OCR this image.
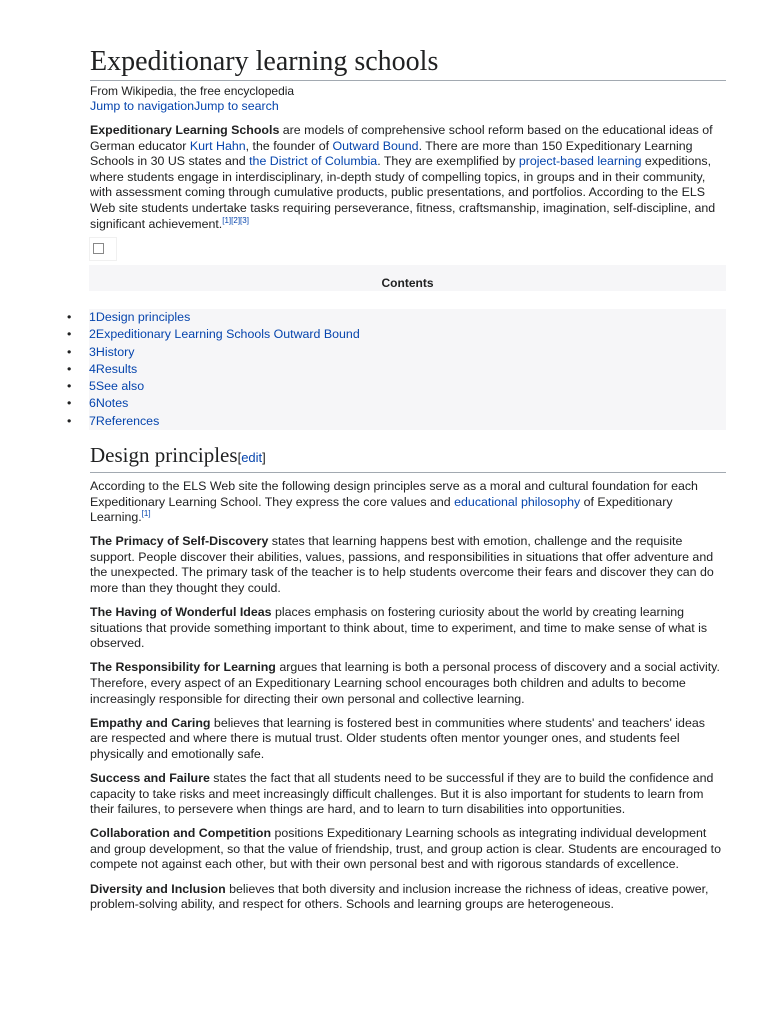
Expeditionary learning schools
From Wikipedia, the free encyclopedia
Jump to navigationJump to search

Expeditionary Learning Schools are models of comprehensive school reform based on the educational ideas of German educator Kurt Hahn, the founder of Outward Bound. There are more than 150 Expeditionary Learning Schools in 30 US states and the District of Columbia. They are exemplified by project-based learning expeditions, where students engage in interdisciplinary, in-depth study of compelling topics, in groups and in their community, with assessment coming through cumulative products, public presentations, and portfolios. According to the ELS Web site students undertake tasks requiring perseverance, fitness, craftsmanship, imagination, self-discipline, and significant achievement.[1][2][3]

Contents
• 1Design principles
• 2Expeditionary Learning Schools Outward Bound
• 3History
• 4Results
• 5See also
• 6Notes
• 7References
Design principles[edit]

According to the ELS Web site the following design principles serve as a moral and cultural foundation for each Expeditionary Learning School. They express the core values and educational philosophy of Expeditionary Learning.[1]

The Primacy of Self-Discovery states that learning happens best with emotion, challenge and the requisite support. People discover their abilities, values, passions, and responsibilities in situations that offer adventure and the unexpected. The primary task of the teacher is to help students overcome their fears and discover they can do more than they thought they could.

The Having of Wonderful Ideas places emphasis on fostering curiosity about the world by creating learning situations that provide something important to think about, time to experiment, and time to make sense of what is observed.

The Responsibility for Learning argues that learning is both a personal process of discovery and a social activity. Therefore, every aspect of an Expeditionary Learning school encourages both children and adults to become increasingly responsible for directing their own personal and collective learning.

Empathy and Caring believes that learning is fostered best in communities where students' and teachers' ideas are respected and where there is mutual trust. Older students often mentor younger ones, and students feel physically and emotionally safe.

Success and Failure states the fact that all students need to be successful if they are to build the confidence and capacity to take risks and meet increasingly difficult challenges. But it is also important for students to learn from their failures, to persevere when things are hard, and to learn to turn disabilities into opportunities.

Collaboration and Competition positions Expeditionary Learning schools as integrating individual development and group development, so that the value of friendship, trust, and group action is clear. Students are encouraged to compete not against each other, but with their own personal best and with rigorous standards of excellence.

Diversity and Inclusion believes that both diversity and inclusion increase the richness of ideas, creative power, problem-solving ability, and respect for others. Schools and learning groups are heterogeneous.
